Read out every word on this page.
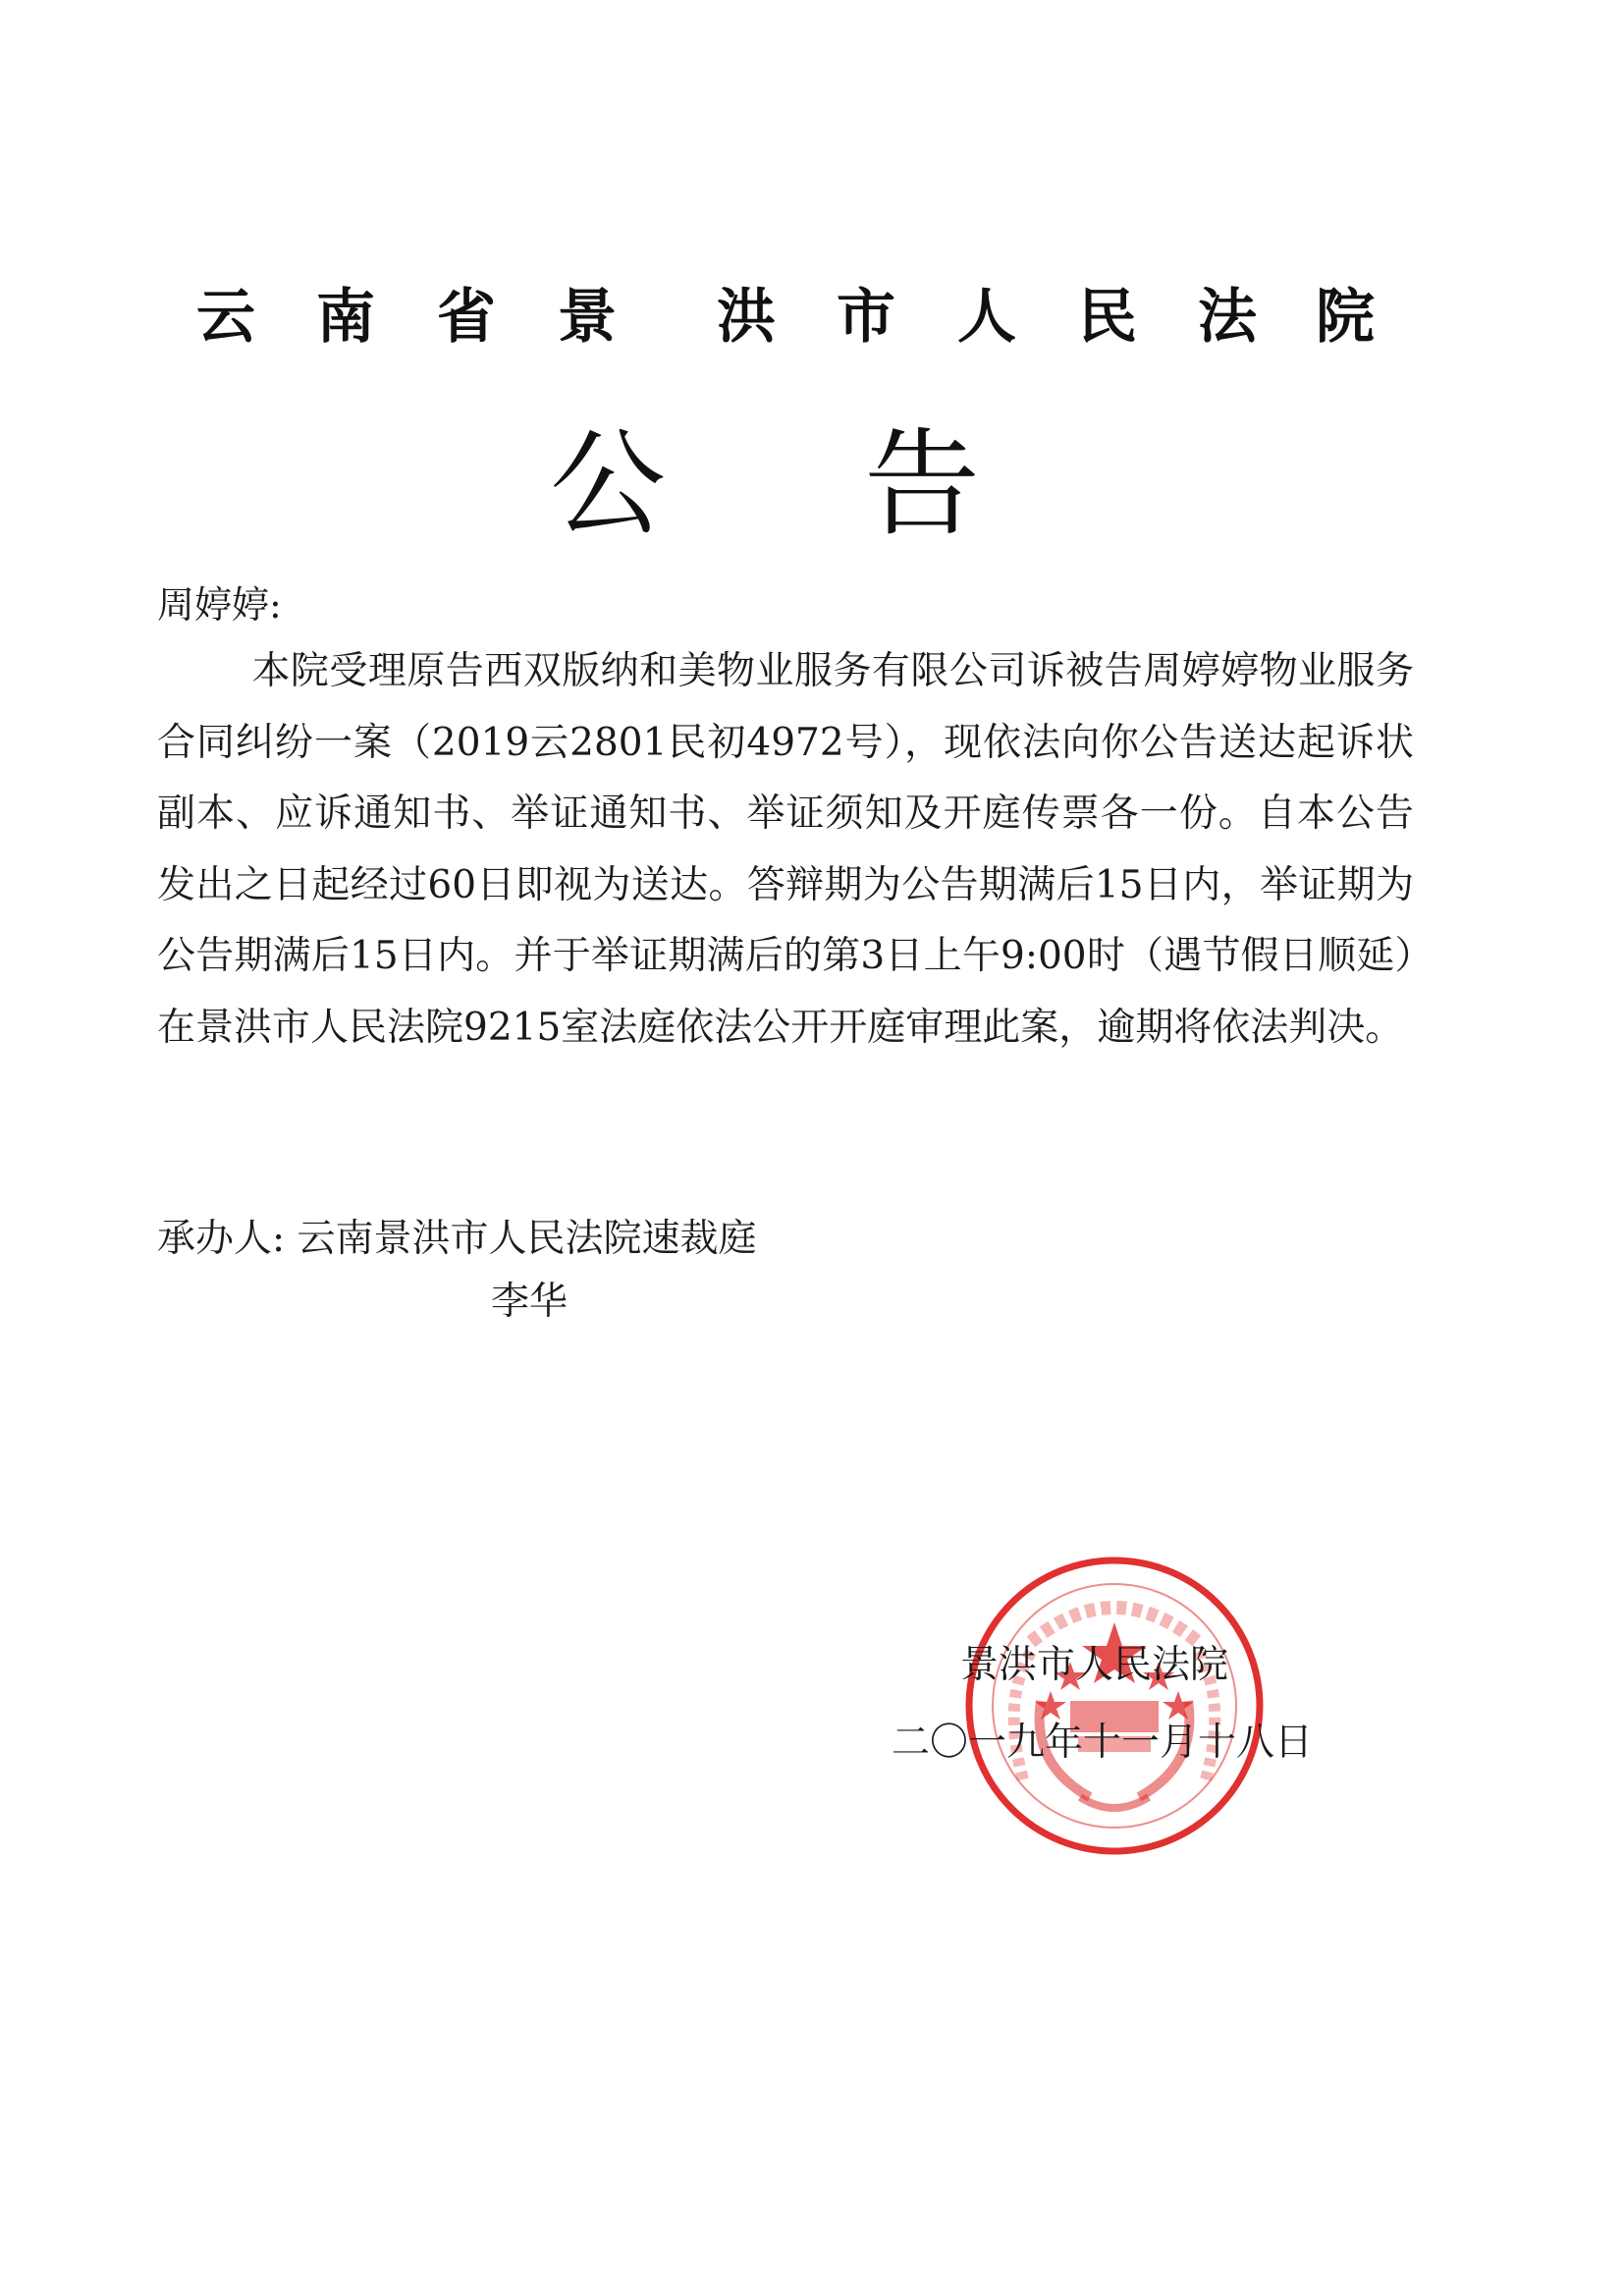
云 南 省 景 洪 市 人 民 法 院
公 告
周婷婷:

本院受理原告西双版纳和美物业服务有限公司诉被告周婷婷物业服务合同纠纷一案（2019云2801民初4972号），现依法向你公告送达起诉状副本、应诉通知书、举证通知书、举证须知及开庭传票各一份。自本公告发出之日起经过60日即视为送达。答辩期为公告期满后15日内，举证期为公告期满后15日内。并于举证期满后的第3日上午9:00时（遇节假日顺延）在景洪市人民法院9215室法庭依法公开开庭审理此案，逾期将依法判决。

承办人: 云南景洪市人民法院速裁庭
李华
景洪市人民法院
二〇一九年十一月十八日
